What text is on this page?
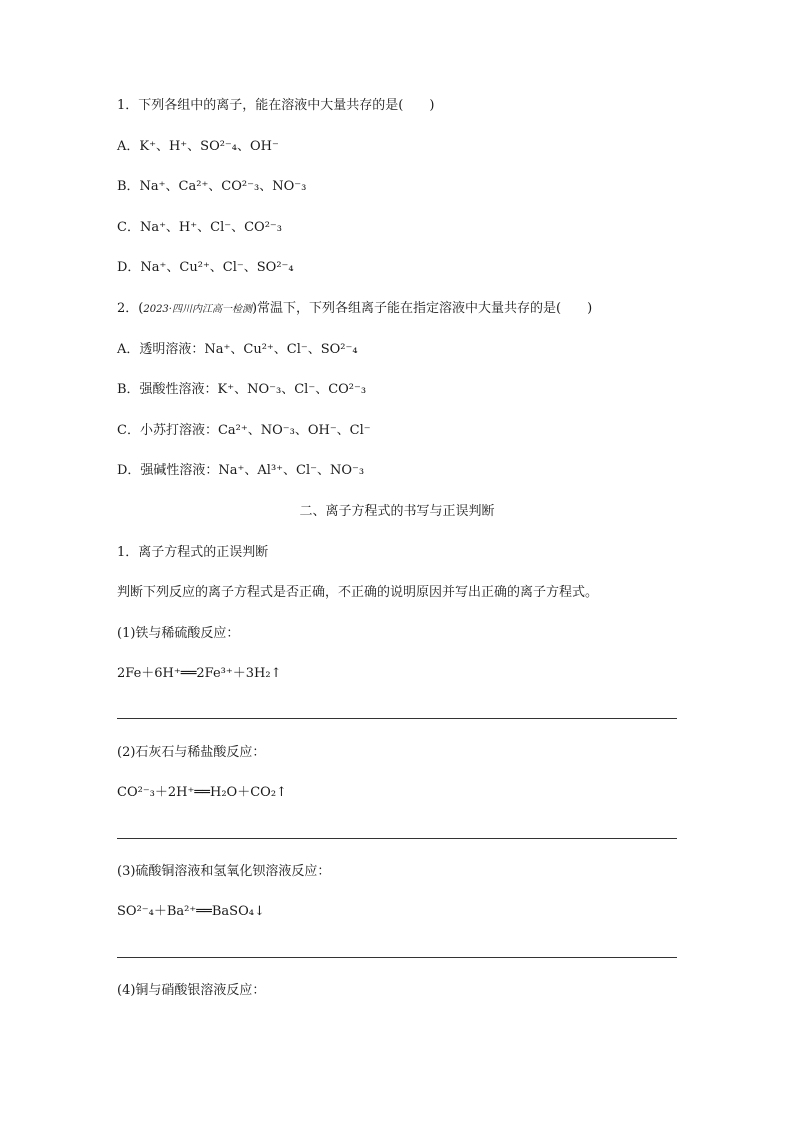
1．下列各组中的离子，能在溶液中大量共存的是(　　)
A．K⁺、H⁺、SO²⁻₄、OH⁻
B．Na⁺、Ca²⁺、CO²⁻₃、NO⁻₃
C．Na⁺、H⁺、Cl⁻、CO²⁻₃
D．Na⁺、Cu²⁺、Cl⁻、SO²⁻₄
2．(2023·四川内江高一检测)常温下，下列各组离子能在指定溶液中大量共存的是(　　)
A．透明溶液：Na⁺、Cu²⁺、Cl⁻、SO²⁻₄
B．强酸性溶液：K⁺、NO⁻₃、Cl⁻、CO²⁻₃
C．小苏打溶液：Ca²⁺、NO⁻₃、OH⁻、Cl⁻
D．强碱性溶液：Na⁺、Al³⁺、Cl⁻、NO⁻₃
二、离子方程式的书写与正误判断
1．离子方程式的正误判断
判断下列反应的离子方程式是否正确，不正确的说明原因并写出正确的离子方程式。
(1)铁与稀硫酸反应：
2Fe＋6H⁺══2Fe³⁺＋3H₂↑
(2)石灰石与稀盐酸反应：
CO²⁻₃＋2H⁺══H₂O＋CO₂↑
(3)硫酸铜溶液和氢氧化钡溶液反应：
SO²⁻₄＋Ba²⁺══BaSO₄↓
(4)铜与硝酸银溶液反应：
